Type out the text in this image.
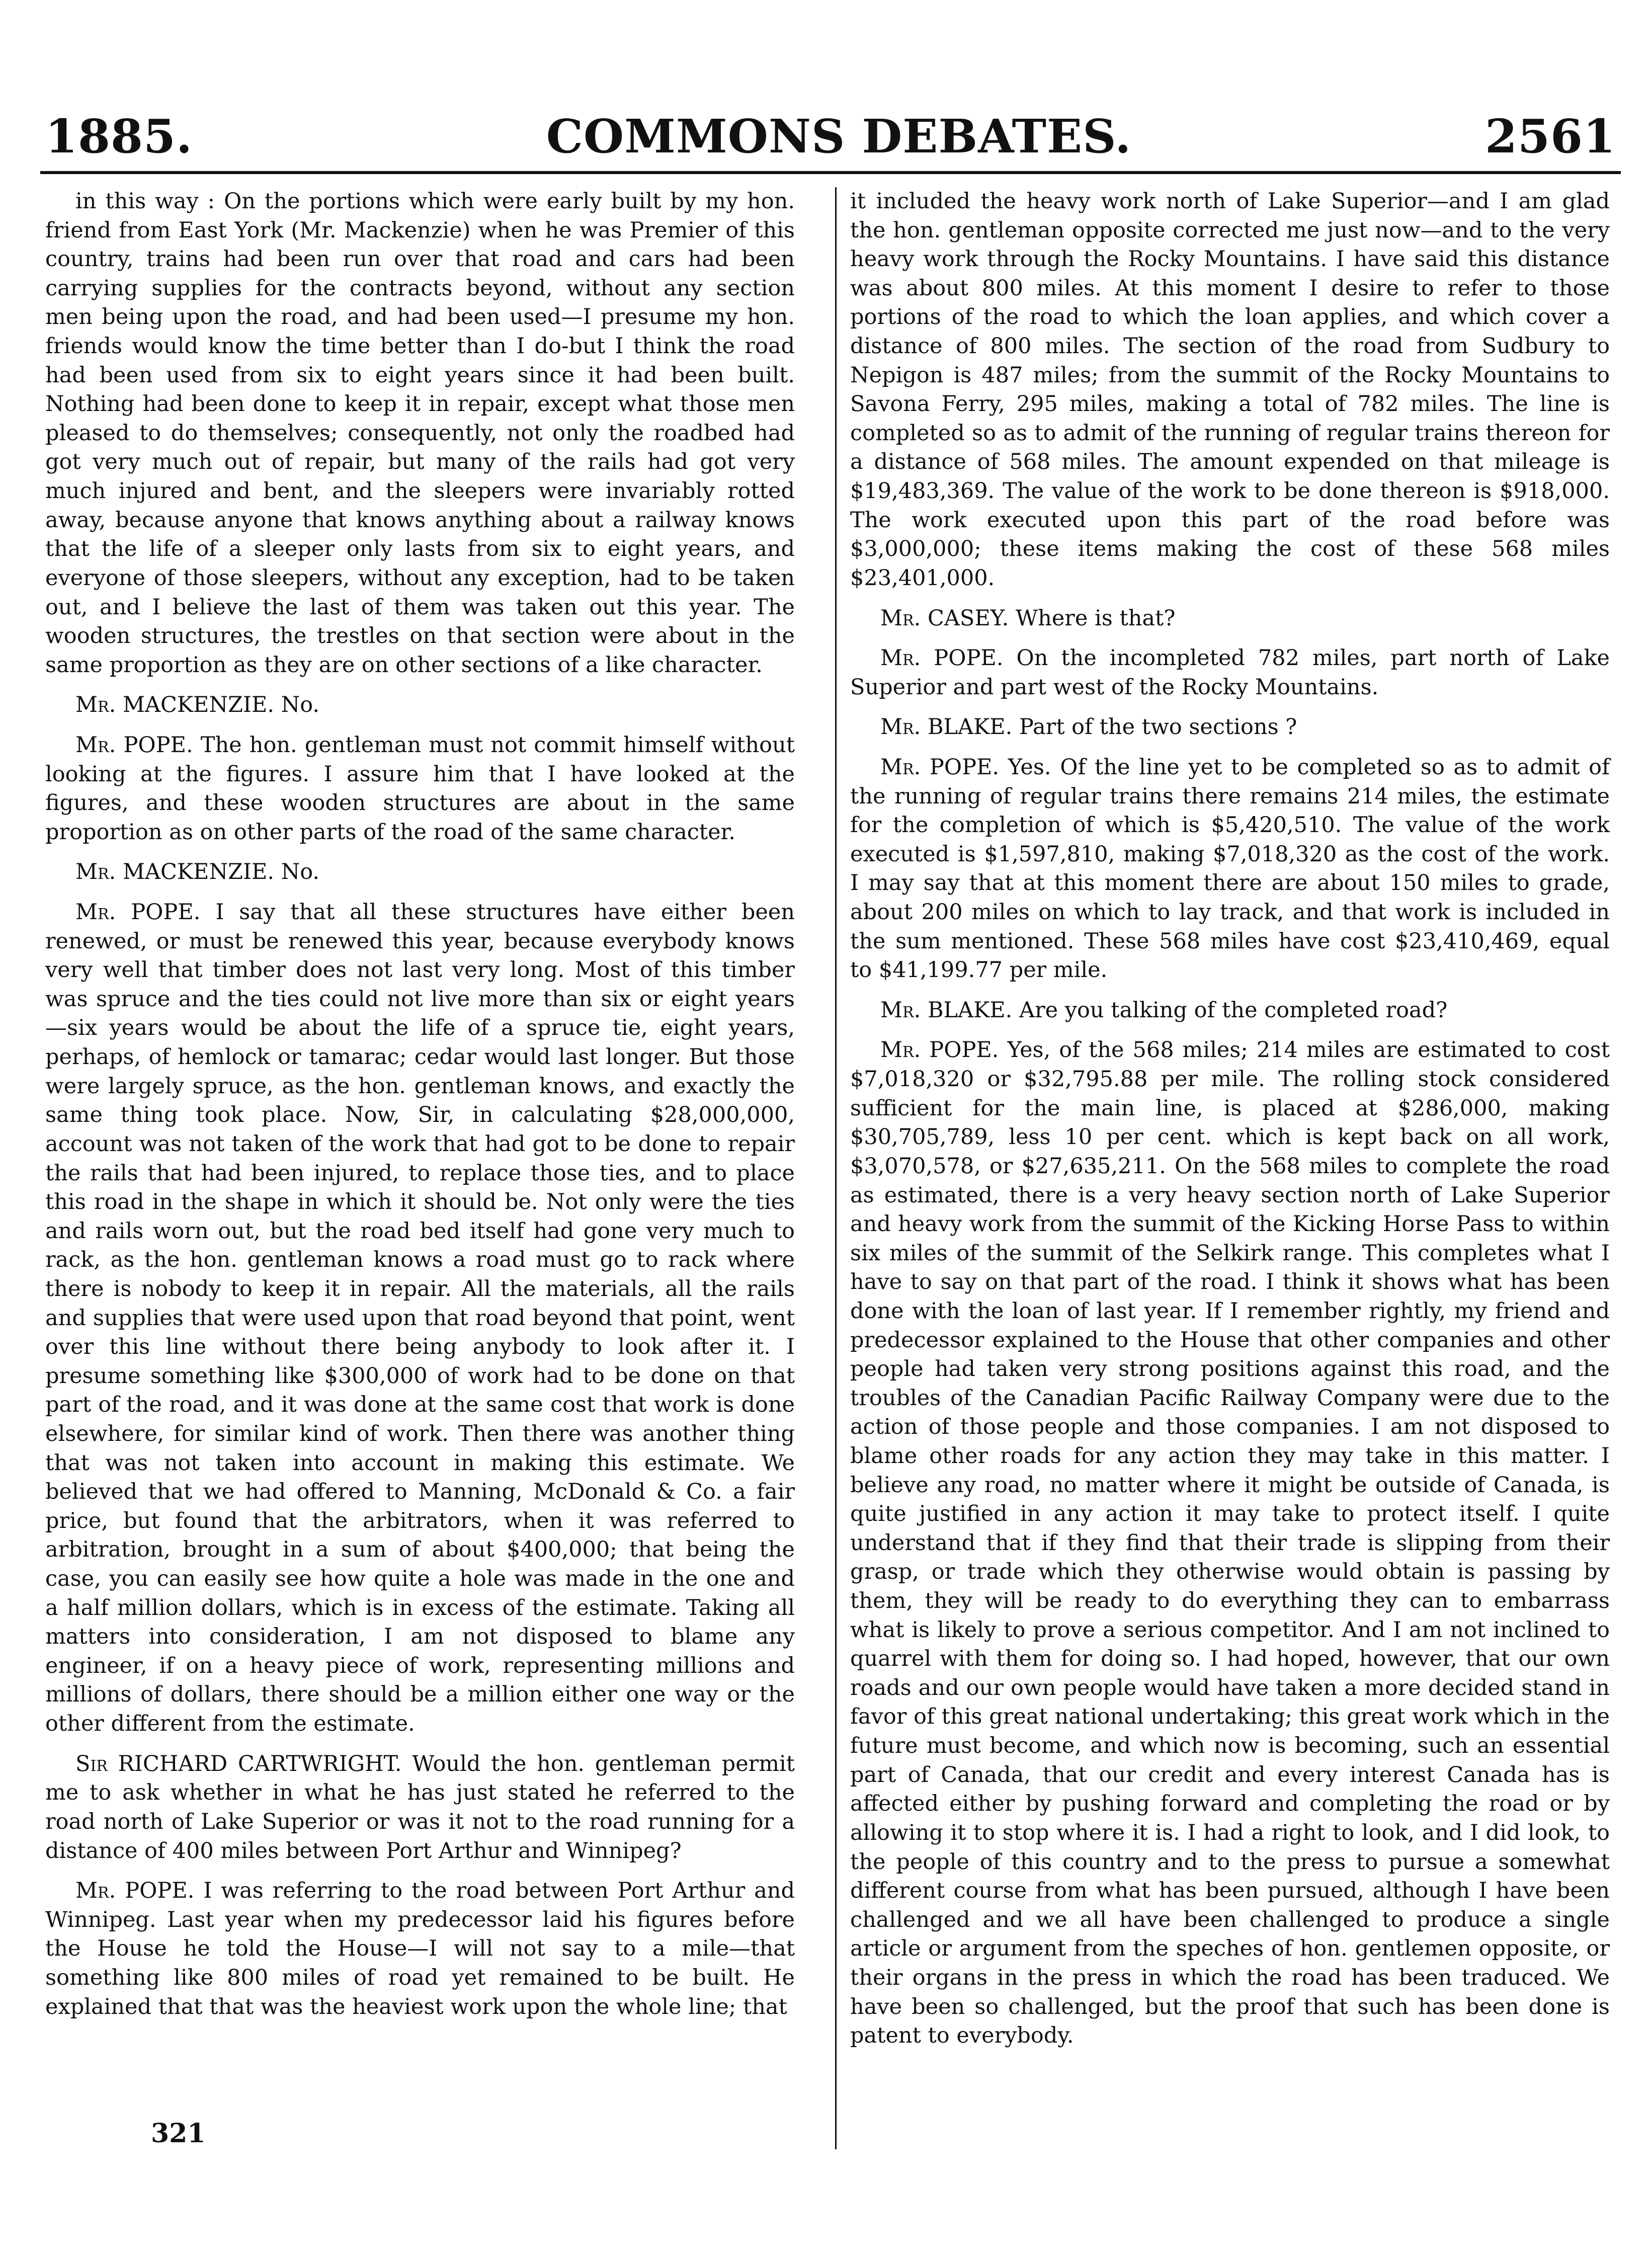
1885.	COMMONS DEBATES.	2561

in this way : On the portions which were early built by my hon. friend from East York (Mr. Mackenzie) when he was Premier of this country, trains had been run over that road and cars had been carrying supplies for the contracts beyond, without any section men being upon the road, and had been used—I presume my hon. friends would know the time better than I do-but I think the road had been used from six to eight years since it had been built. Nothing had been done to keep it in repair, except what those men pleased to do themselves; consequently, not only the roadbed had got very much out of repair, but many of the rails had got very much injured and bent, and the sleepers were invariably rotted away, because anyone that knows anything about a railway knows that the life of a sleeper only lasts from six to eight years, and everyone of those sleepers, without any exception, had to be taken out, and I believe the last of them was taken out this year. The wooden structures, the trestles on that section were about in the same proportion as they are on other sections of a like character.

Mr. MACKENZIE. No.

Mr. POPE. The hon. gentleman must not commit himself without looking at the figures. I assure him that I have looked at the figures, and these wooden structures are about in the same proportion as on other parts of the road of the same character.

Mr. MACKENZIE. No.

Mr. POPE. I say that all these structures have either been renewed, or must be renewed this year, because everybody knows very well that timber does not last very long. Most of this timber was spruce and the ties could not live more than six or eight years—six years would be about the life of a spruce tie, eight years, perhaps, of hemlock or tamarac; cedar would last longer. But those were largely spruce, as the hon. gentleman knows, and exactly the same thing took place. Now, Sir, in calculating $28,000,000, account was not taken of the work that had got to be done to repair the rails that had been injured, to replace those ties, and to place this road in the shape in which it should be. Not only were the ties and rails worn out, but the road bed itself had gone very much to rack, as the hon. gentleman knows a road must go to rack where there is nobody to keep it in repair. All the materials, all the rails and supplies that were used upon that road beyond that point, went over this line without there being anybody to look after it. I presume something like $300,000 of work had to be done on that part of the road, and it was done at the same cost that work is done elsewhere, for similar kind of work. Then there was another thing that was not taken into account in making this estimate. We believed that we had offered to Manning, McDonald & Co. a fair price, but found that the arbitrators, when it was referred to arbitration, brought in a sum of about $400,000; that being the case, you can easily see how quite a hole was made in the one and a half million dollars, which is in excess of the estimate. Taking all matters into consideration, I am not disposed to blame any engineer, if on a heavy piece of work, representing millions and millions of dollars, there should be a million either one way or the other different from the estimate.

Sir RICHARD CARTWRIGHT. Would the hon. gentleman permit me to ask whether in what he has just stated he referred to the road north of Lake Superior or was it not to the road running for a distance of 400 miles between Port Arthur and Winnipeg?

Mr. POPE. I was referring to the road between Port Arthur and Winnipeg. Last year when my predecessor laid his figures before the House he told the House—I will not say to a mile—that something like 800 miles of road yet remained to be built. He explained that that was the heaviest work upon the whole line; that

it included the heavy work north of Lake Superior—and I am glad the hon. gentleman opposite corrected me just now—and to the very heavy work through the Rocky Mountains. I have said this distance was about 800 miles. At this moment I desire to refer to those portions of the road to which the loan applies, and which cover a distance of 800 miles. The section of the road from Sudbury to Nepigon is 487 miles; from the summit of the Rocky Mountains to Savona Ferry, 295 miles, making a total of 782 miles. The line is completed so as to admit of the running of regular trains thereon for a distance of 568 miles. The amount expended on that mileage is $19,483,369. The value of the work to be done thereon is $918,000. The work executed upon this part of the road before was $3,000,000; these items making the cost of these 568 miles $23,401,000.

Mr. CASEY. Where is that?

Mr. POPE. On the incompleted 782 miles, part north of Lake Superior and part west of the Rocky Mountains.

Mr. BLAKE. Part of the two sections ?

Mr. POPE. Yes. Of the line yet to be completed so as to admit of the running of regular trains there remains 214 miles, the estimate for the completion of which is $5,420,510. The value of the work executed is $1,597,810, making $7,018,320 as the cost of the work. I may say that at this moment there are about 150 miles to grade, about 200 miles on which to lay track, and that work is included in the sum mentioned. These 568 miles have cost $23,410,469, equal to $41,199.77 per mile.

Mr. BLAKE. Are you talking of the completed road?

Mr. POPE. Yes, of the 568 miles; 214 miles are estimated to cost $7,018,320 or $32,795.88 per mile. The rolling stock considered sufficient for the main line, is placed at $286,000, making $30,705,789, less 10 per cent. which is kept back on all work, $3,070,578, or $27,635,211. On the 568 miles to complete the road as estimated, there is a very heavy section north of Lake Superior and heavy work from the summit of the Kicking Horse Pass to within six miles of the summit of the Selkirk range. This completes what I have to say on that part of the road. I think it shows what has been done with the loan of last year. If I remember rightly, my friend and predecessor explained to the House that other companies and other people had taken very strong positions against this road, and the troubles of the Canadian Pacific Railway Company were due to the action of those people and those companies. I am not disposed to blame other roads for any action they may take in this matter. I believe any road, no matter where it might be outside of Canada, is quite justified in any action it may take to protect itself. I quite understand that if they find that their trade is slipping from their grasp, or trade which they otherwise would obtain is passing by them, they will be ready to do everything they can to embarrass what is likely to prove a serious competitor. And I am not inclined to quarrel with them for doing so. I had hoped, however, that our own roads and our own people would have taken a more decided stand in favor of this great national undertaking; this great work which in the future must become, and which now is becoming, such an essential part of Canada, that our credit and every interest Canada has is affected either by pushing forward and completing the road or by allowing it to stop where it is. I had a right to look, and I did look, to the people of this country and to the press to pursue a somewhat different course from what has been pursued, although I have been challenged and we all have been challenged to produce a single article or argument from the speches of hon. gentlemen opposite, or their organs in the press in which the road has been traduced. We have been so challenged, but the proof that such has been done is patent to everybody.

321
